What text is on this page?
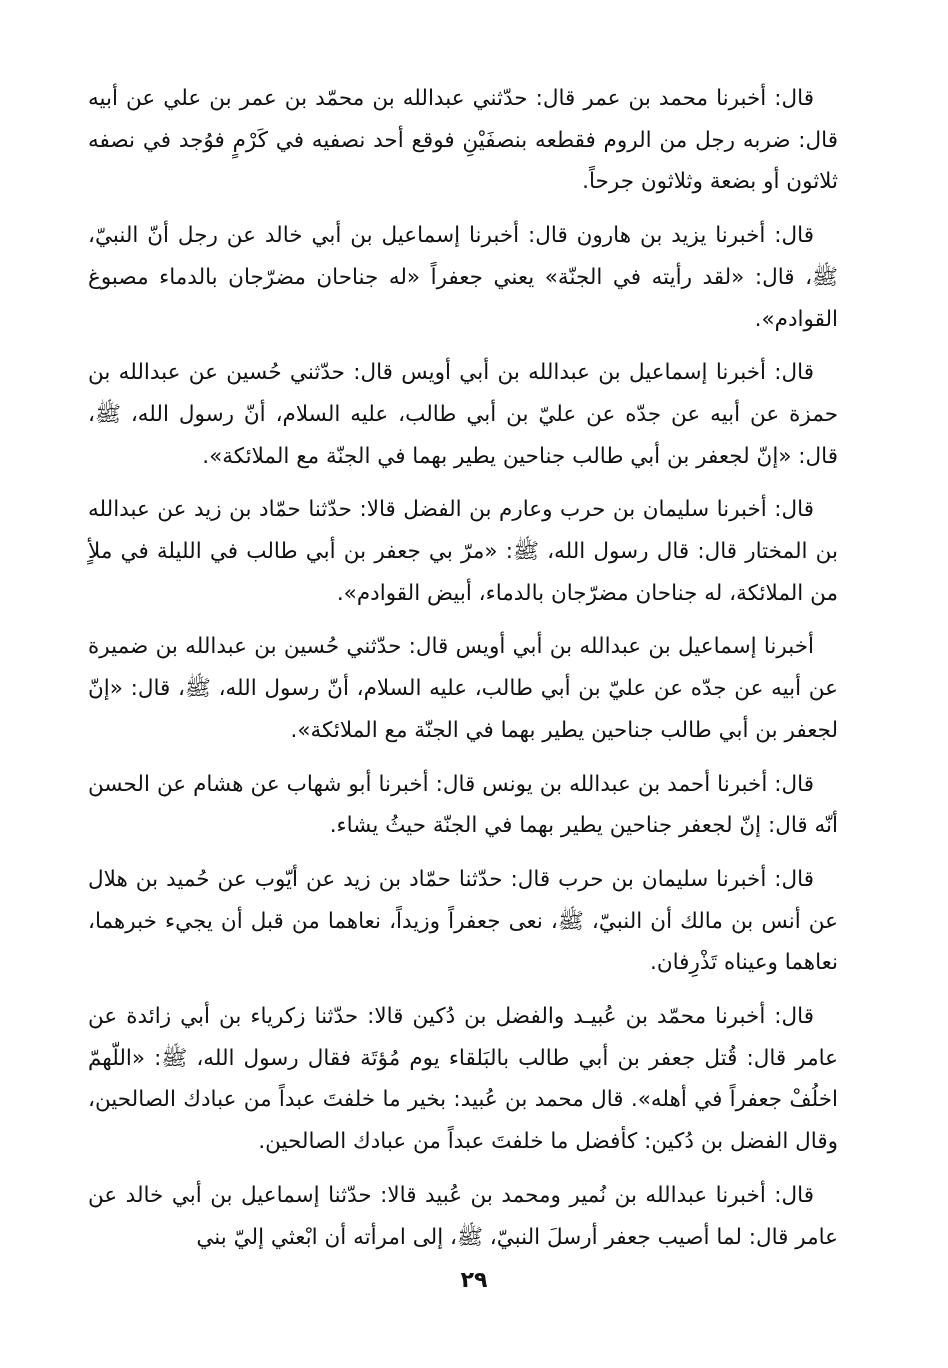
قال: أخبرنا محمد بن عمر قال: حدّثني عبدالله بن محمّد بن عمر بن علي عن أبيه قال: ضربه رجل من الروم فقطعه بنصفَيْنِ فوقع أحد نصفيه في كَرْمٍ فوُجد في نصفه ثلاثون أو بضعة وثلاثون جرحاً.

قال: أخبرنا يزيد بن هارون قال: أخبرنا إسماعيل بن أبي خالد عن رجل أنّ النبيّ، ﷺ، قال: «لقد رأيته في الجنّة» يعني جعفراً «له جناحان مضرّجان بالدماء مصبوغ القوادم».

قال: أخبرنا إسماعيل بن عبدالله بن أبي أويس قال: حدّثني حُسين عن عبدالله بن حمزة عن أبيه عن جدّه عن عليّ بن أبي طالب، عليه السلام، أنّ رسول الله، ﷺ، قال: «إنّ لجعفر بن أبي طالب جناحين يطير بهما في الجنّة مع الملائكة».

قال: أخبرنا سليمان بن حرب وعارم بن الفضل قالا: حدّثنا حمّاد بن زيد عن عبدالله بن المختار قال: قال رسول الله، ﷺ: «مرّ بي جعفر بن أبي طالب في الليلة في ملأٍ من الملائكة، له جناحان مضرّجان بالدماء، أبيض القوادم».

أخبرنا إسماعيل بن عبدالله بن أبي أويس قال: حدّثني حُسين بن عبدالله بن ضميرة عن أبيه عن جدّه عن عليّ بن أبي طالب، عليه السلام، أنّ رسول الله، ﷺ، قال: «إنّ لجعفر بن أبي طالب جناحين يطير بهما في الجنّة مع الملائكة».

قال: أخبرنا أحمد بن عبدالله بن يونس قال: أخبرنا أبو شهاب عن هشام عن الحسن أنّه قال: إنّ لجعفر جناحين يطير بهما في الجنّة حيثُ يشاء.

قال: أخبرنا سليمان بن حرب قال: حدّثنا حمّاد بن زيد عن أيّوب عن حُميد بن هلال عن أنس بن مالك أن النبيّ، ﷺ، نعى جعفراً وزيداً، نعاهما من قبل أن يجيء خبرهما، نعاهما وعيناه تَذْرِفان.

قال: أخبرنا محمّد بن عُبيـد والفضل بن دُكين قالا: حدّثنا زكرياء بن أبي زائدة عن عامر قال: قُتل جعفر بن أبي طالب بالبَلقاء يوم مُؤتَة فقال رسول الله، ﷺ: «اللّهمّ اخلُفْ جعفراً في أهله». قال محمد بن عُبيد: بخير ما خلفتَ عبداً من عبادك الصالحين، وقال الفضل بن دُكين: كأفضل ما خلفتَ عبداً من عبادك الصالحين.

قال: أخبرنا عبدالله بن نُمير ومحمد بن عُبيد قالا: حدّثنا إسماعيل بن أبي خالد عن عامر قال: لما أصيب جعفر أرسلَ النبيّ، ﷺ، إلى امرأته أن ابْعثي إليّ بني

٢٩
